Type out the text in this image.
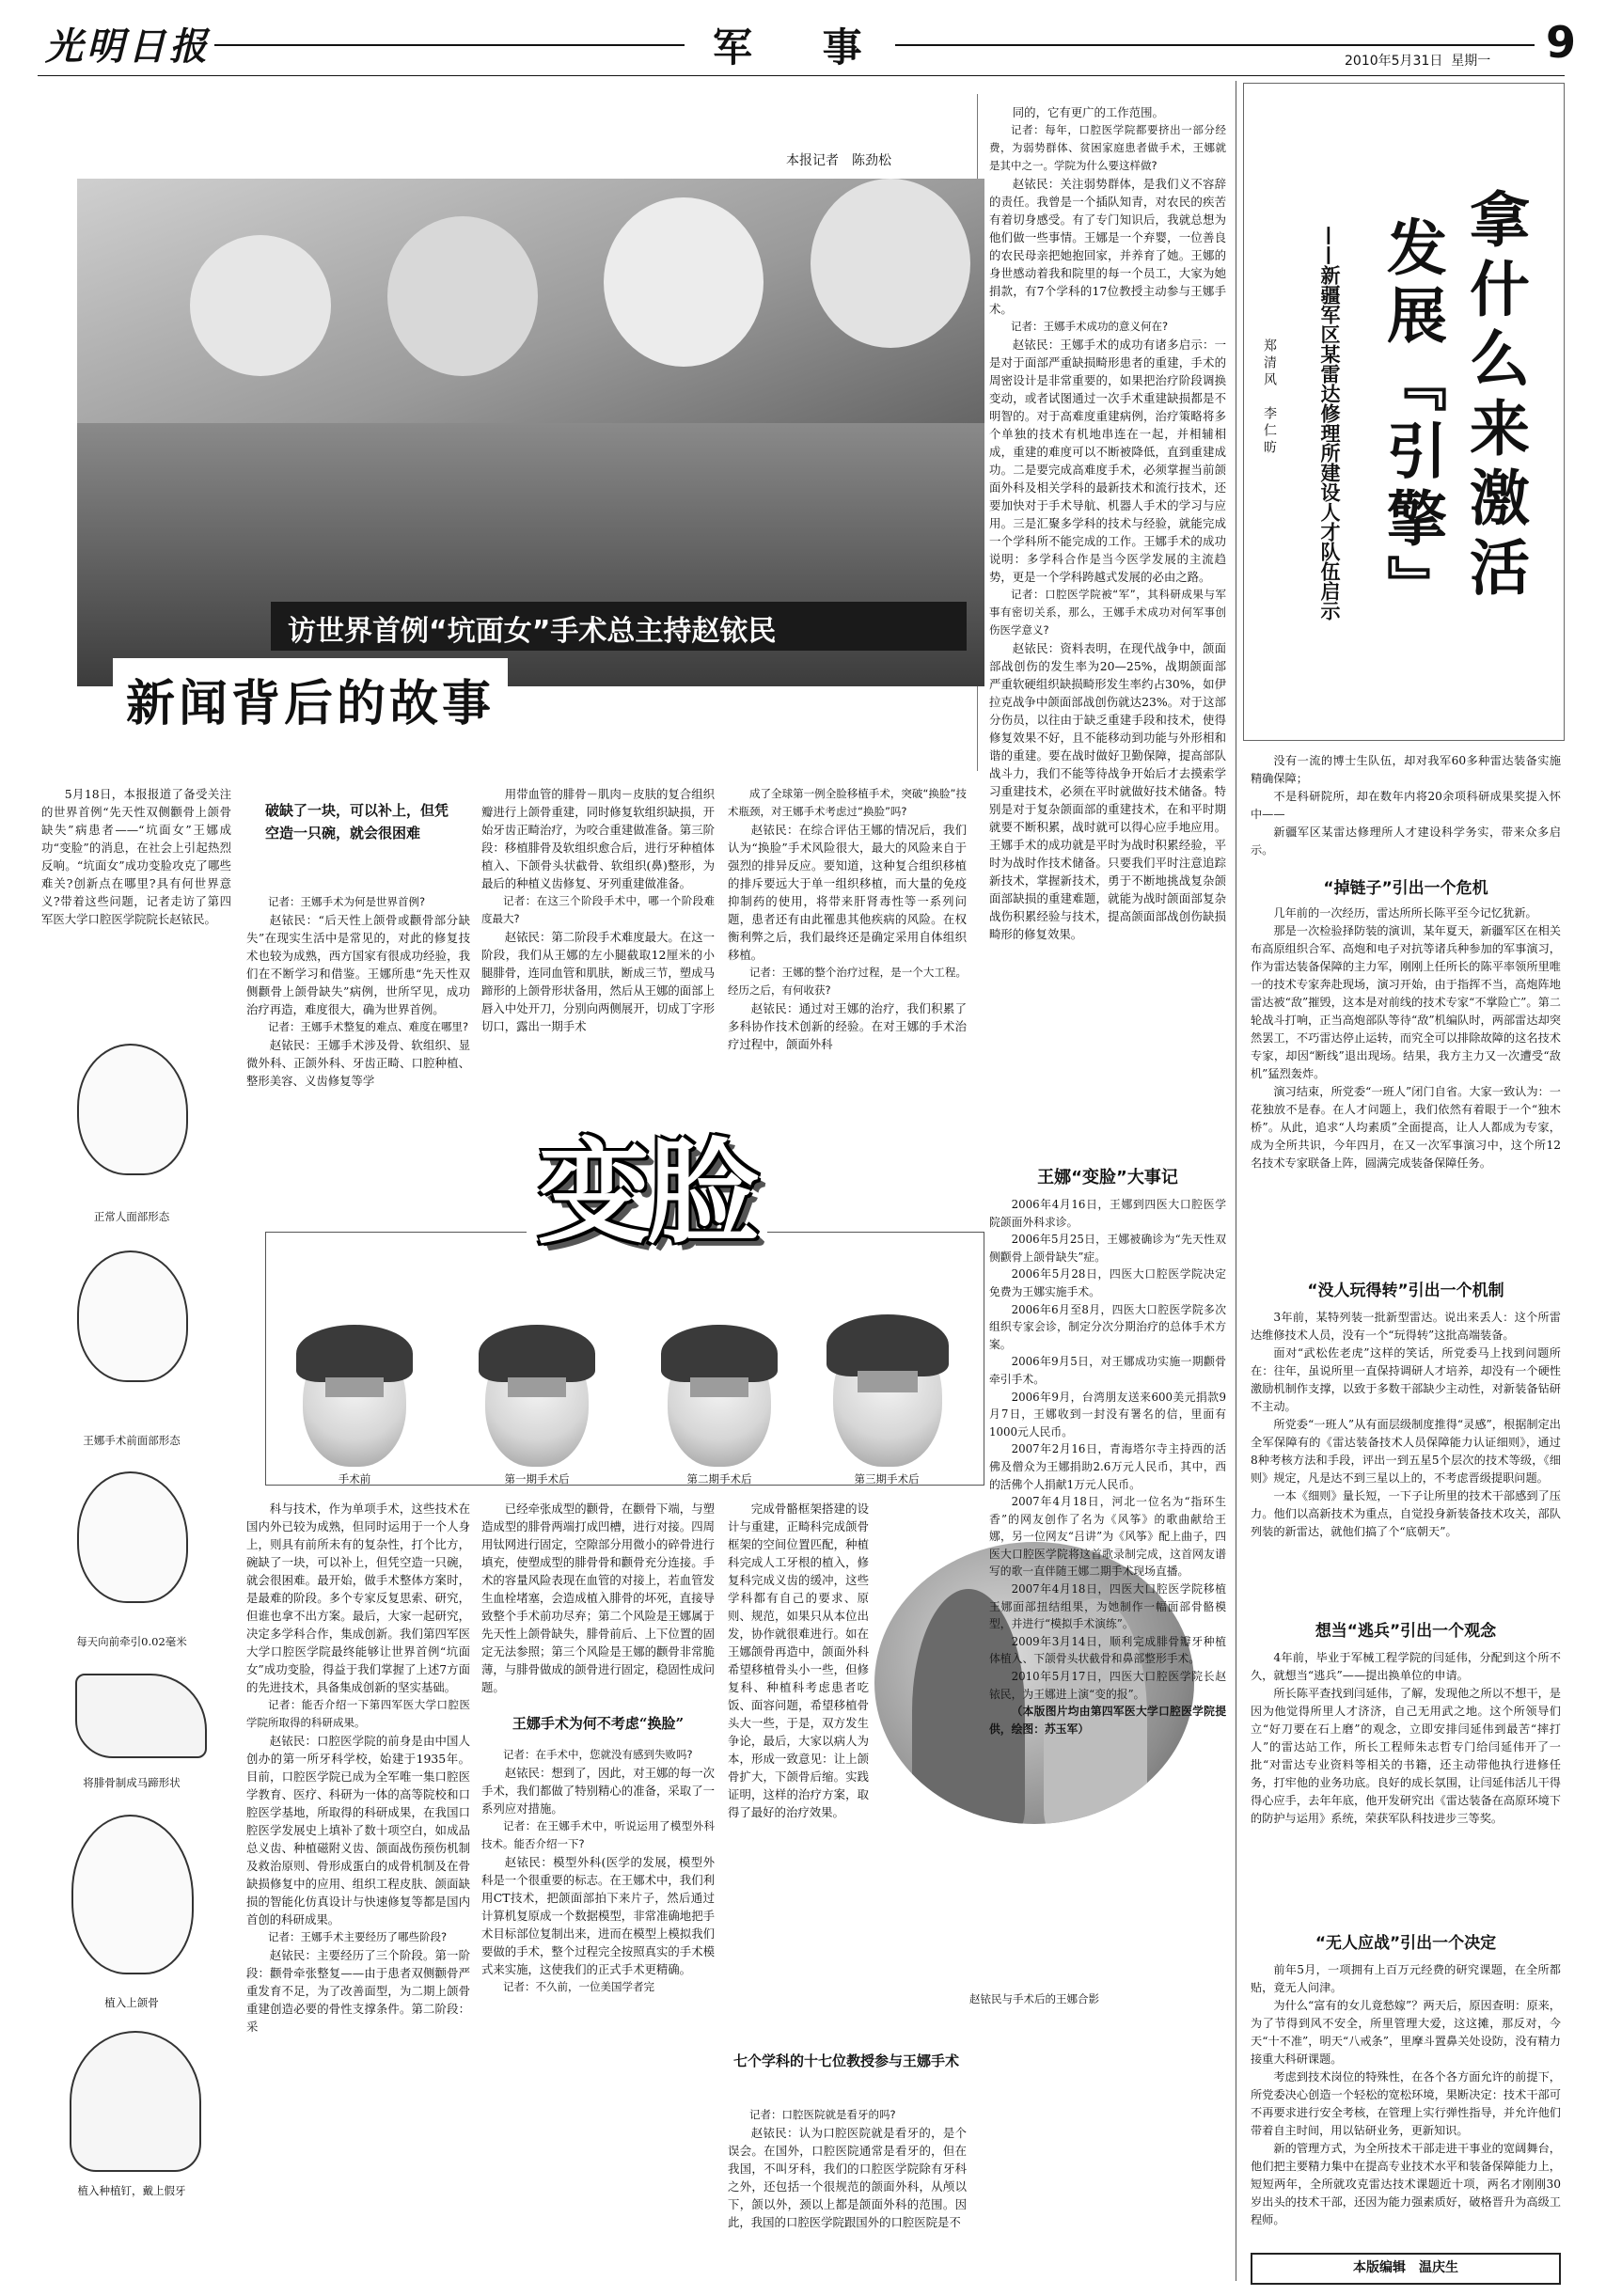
光明日报	军 事	2010年5月31日 星期一 9
本报记者　陈劲松
访世界首例“坑面女”手术总主持赵铱民
新闻背后的故事

5月18日，本报报道了备受关注的世界首例“先天性双侧颧骨上颌骨缺失”病患者——“坑面女”王娜成功“变脸”的消息，在社会上引起热烈反响。“坑面女”成功变脸攻克了哪些难关?创新点在哪里?具有何世界意义?带着这些问题，记者走访了第四军医大学口腔医学院院长赵铱民。

正常人面部形态
王娜手术前面部形态
每天向前牵引0.02毫米
将腓骨制成马蹄形状
植入上颌骨
植入种植钉，戴上假牙
破缺了一块，可以补上，但凭空造一只碗，就会很困难

记者：王娜手术为何是世界首例?

赵铱民：“后天性上颌骨或颧骨部分缺失”在现实生活中是常见的，对此的修复技术也较为成熟，西方国家有很成功经验，我们在不断学习和借鉴。王娜所患“先天性双侧颧骨上颌骨缺失”病例，世所罕见，成功治疗再造，难度很大，确为世界首例。

记者：王娜手术整复的难点、难度在哪里?

赵铱民：王娜手术涉及骨、软组织、显微外科、正颌外科、牙齿正畸、口腔种植、整形美容、义齿修复等学

用带血管的腓骨－肌肉－皮肤的复合组织瓣进行上颌骨重建，同时修复软组织缺损，开始牙齿正畸治疗，为咬合重建做准备。第三阶段：移植腓骨及软组织愈合后，进行牙种植体植入、下颌骨头状截骨、软组织(鼻)整形，为最后的种植义齿修复、牙列重建做准备。

记者：在这三个阶段手术中，哪一个阶段难度最大?

赵铱民：第二阶段手术难度最大。在这一阶段，我们从王娜的左小腿截取12厘米的小腿腓骨，连同血管和肌肤，断成三节，塑成马蹄形的上颌骨形状备用，然后从王娜的面部上唇入中处开刀，分别向两侧展开，切成丁字形切口，露出一期手术

成了全球第一例全脸移植手术，突破“换脸”技术瓶颈，对王娜手术考虑过“换脸”吗?

赵铱民：在综合评估王娜的情况后，我们认为“换脸”手术风险很大，最大的风险来自于强烈的排异反应。要知道，这种复合组织移植的排斥要远大于单一组织移植，而大量的免疫抑制药的使用，将带来肝肾毒性等一系列问题，患者还有由此罹患其他疾病的风险。在权衡利弊之后，我们最终还是确定采用自体组织移植。

记者：王娜的整个治疗过程，是一个大工程。经历之后，有何收获?

赵铱民：通过对王娜的治疗，我们积累了多科协作技术创新的经验。在对王娜的手术治疗过程中，颌面外科

变脸
手术前	第一期手术后	第二期手术后	第三期手术后

科与技术，作为单项手术，这些技术在国内外已较为成熟，但同时运用于一个人身上，则具有前所未有的复杂性，打个比方，碗缺了一块，可以补上，但凭空造一只碗，就会很困难。最开始，做手术整体方案时，是最难的阶段。多个专家反复思索、研究，但谁也拿不出方案。最后，大家一起研究，决定多学科合作，集成创新。我们第四军医大学口腔医学院最终能够让世界首例“坑面女”成功变脸，得益于我们掌握了上述7方面的先进技术，具备集成创新的坚实基础。

记者：能否介绍一下第四军医大学口腔医学院所取得的科研成果。

赵铱民：口腔医学院的前身是由中国人创办的第一所牙科学校，始建于1935年。目前，口腔医学院已成为全军唯一集口腔医学教育、医疗、科研为一体的高等院校和口腔医学基地，所取得的科研成果，在我国口腔医学发展史上填补了数十项空白，如成品总义齿、种植磁附义齿、颌面战伤预伤机制及救治原则、骨形成蛋白的成骨机制及在骨缺损修复中的应用、组织工程皮肤、颌面缺损的智能化仿真设计与快速修复等都是国内首创的科研成果。

记者：王娜手术主要经历了哪些阶段?

赵铱民：主要经历了三个阶段。第一阶段：颧骨牵张整复——由于患者双侧颧骨严重发育不足，为了改善面型，为二期上颌骨重建创造必要的骨性支撑条件。第二阶段：采

已经牵张成型的颧骨，在颧骨下端，与塑造成型的腓骨两端打成凹槽，进行对接。四周用钛网进行固定，空隙部分用微小的碎骨进行填充，使塑成型的腓骨骨和颧骨充分连接。手术的容量风险表现在血管的对接上，若血管发生血栓堵塞，会造成植入腓骨的坏死，直接导致整个手术前功尽弃；第二个风险是王娜属于先天性上颌骨缺失，腓骨前后、上下位置的固定无法参照；第三个风险是王娜的颧骨非常脆薄，与腓骨做成的颌骨进行固定，稳固性成问题。

王娜手术为何不考虑“换脸”

记者：在手术中，您就没有感到失败吗?

赵铱民：想到了，因此，对王娜的每一次手术，我们都做了特别精心的准备，采取了一系列应对措施。

记者：在王娜手术中，听说运用了模型外科技术。能否介绍一下?

赵铱民：模型外科(医学的发展，模型外科是一个很重要的标志。在王娜术中，我们利用CT技术，把颌面部拍下来片子，然后通过计算机复原成一个数据模型，非常准确地把手术目标部位复制出来，进而在模型上模拟我们要做的手术，整个过程完全按照真实的手术模式来实施，这使我们的正式手术更精确。

记者：不久前，一位美国学者完

完成骨骼框架搭建的设计与重建，正畸科完成颌骨框架的空间位置匹配，种植科完成人工牙根的植入，修复科完成义齿的缓冲，这些学科都有自己的要求、原则、规范，如果只从本位出发，协作就很难进行。如在王娜颌骨再造中，颌面外科希望移植骨头小一些，但修复科、种植科考虑患者吃饭、面容问题，希望移植骨头大一些，于是，双方发生争论，最后，大家以病人为本，形成一致意见：让上颌骨扩大，下颌骨后缩。实践证明，这样的治疗方案，取得了最好的治疗效果。

七个学科的十七位教授参与王娜手术

记者：口腔医院就是看牙的吗?

赵铱民：认为口腔医院就是看牙的，是个误会。在国外，口腔医院通常是看牙的，但在我国，不叫牙科，我们的口腔医学院除有牙科之外，还包括一个很规范的颌面外科，从颅以下，颌以外，颈以上都是颌面外科的范围。因此，我国的口腔医学院跟国外的口腔医院是不

赵铱民与手术后的王娜合影

同的，它有更广的工作范围。

记者：每年，口腔医学院都要挤出一部分经费，为弱势群体、贫困家庭患者做手术，王娜就是其中之一。学院为什么要这样做?

赵铱民：关注弱势群体，是我们义不容辞的责任。我曾是一个插队知青，对农民的疾苦有着切身感受。有了专门知识后，我就总想为他们做一些事情。王娜是一个弃婴，一位善良的农民母亲把她抱回家，并养育了她。王娜的身世感动着我和院里的每一个员工，大家为她捐款，有7个学科的17位教授主动参与王娜手术。

记者：王娜手术成功的意义何在?

赵铱民：王娜手术的成功有诸多启示：一是对于面部严重缺损畸形患者的重建，手术的周密设计是非常重要的，如果把治疗阶段调换变动，或者试图通过一次手术重建缺损都是不明智的。对于高难度重建病例，治疗策略将多个单独的技术有机地串连在一起，并相辅相成，重建的难度可以不断被降低，直到重建成功。二是要完成高难度手术，必须掌握当前颌面外科及相关学科的最新技术和流行技术，还要加快对于手术导航、机器人手术的学习与应用。三是汇聚多学科的技术与经验，就能完成一个学科所不能完成的工作。王娜手术的成功说明：多学科合作是当今医学发展的主流趋势，更是一个学科跨越式发展的必由之路。

记者：口腔医学院被“军”，其科研成果与军事有密切关系，那么，王娜手术成功对何军事创伤医学意义?

赵铱民：资料表明，在现代战争中，颌面部战创伤的发生率为20—25%，战期颌面部严重软硬组织缺损畸形发生率约占30%，如伊拉克战争中颌面部战创伤就达23%。对于这部分伤员，以往由于缺乏重建手段和技术，使得修复效果不好，且不能移动到功能与外形相和谐的重建。要在战时做好卫勤保障，提高部队战斗力，我们不能等待战争开始后才去摸索学习重建技术，必须在平时就做好技术储备。特别是对于复杂颌面部的重建技术，在和平时期就要不断积累，战时就可以得心应手地应用。王娜手术的成功就是平时为战时积累经验，平时为战时作技术储备。只要我们平时注意追踪新技术，掌握新技术，勇于不断地挑战复杂颌面部缺损的重建难题，就能为战时颌面部复杂战伤积累经验与技术，提高颌面部战创伤缺损畸形的修复效果。

王娜“变脸”大事记

2006年4月16日，王娜到四医大口腔医学院颌面外科求诊。

2006年5月25日，王娜被确诊为“先天性双侧颧骨上颌骨缺失”症。

2006年5月28日，四医大口腔医学院决定免费为王娜实施手术。

2006年6月至8月，四医大口腔医学院多次组织专家会诊，制定分次分期治疗的总体手术方案。

2006年9月5日，对王娜成功实施一期颧骨牵引手术。

2006年9月，台湾朋友送来600美元捐款9月7日，王娜收到一封没有署名的信，里面有1000元人民币。

2007年2月16日，青海塔尔寺主持西的活佛及僧众为王娜捐助2.6万元人民币，其中，西的活佛个人捐献1万元人民币。

2007年4月18日，河北一位名为“指环生香”的网友创作了名为《风筝》的歌曲献给王娜，另一位网友“吕讲”为《风筝》配上曲子，四医大口腔医学院将这首歌录制完成，这首网友谱写的歌一直伴随王娜二期手术现场直播。

2007年4月18日，四医大口腔医学院移植王娜面部扭结组果，为她制作一幅面部骨骼模型，并进行“模拟手术演练”。

2009年3月14日，顺利完成腓骨瓣牙种植体植入、下颌骨头状截骨和鼻部整形手术。

2010年5月17日，四医大口腔医学院长赵铱民，为王娜进上演“变的报”。

（本版图片均由第四军医大学口腔医学院提供，绘图：苏玉军）

拿什么来激活
发展『引擎』
——新疆军区某雷达修理所建设人才队伍启示
郑清风　李仁昉

没有一流的博士生队伍，却对我军60多种雷达装备实施精确保障；

不是科研院所，却在数年内将20余项科研成果奖提入怀中——

新疆军区某雷达修理所人才建设科学务实，带来众多启示。

“掉链子”引出一个危机

几年前的一次经历，雷达所所长陈平至今记忆犹新。

那是一次检验择防装的演训，某年夏天，新疆军区在相关布高原组织合军、高炮和电子对抗等诸兵种参加的军事演习，作为雷达装备保障的主力军，刚刚上任所长的陈平率领所里唯一的技术专家奔赴现场，演习开始，由于指挥不当，高炮阵地雷达被“敌”摧毁，这本是对前线的技术专家“不掌险亡”。第二轮战斗打响，正当高炮部队等待“敌”机编队时，两部雷达却突然罢工，不巧雷达停止运转，而究全可以排除故障的这名技术专家，却因“断线”退出现场。结果，我方主力又一次遭受“敌机”猛烈轰炸。

演习结束，所党委“一班人”闭门自省。大家一致认为：一花独放不是春。在人才问题上，我们依然有着眼于一个“独木桥”。从此，追求“人均素质”全面提高，让人人都成为专家，成为全所共识，今年四月，在又一次军事演习中，这个所12名技术专家联备上阵，圆满完成装备保障任务。

“没人玩得转”引出一个机制

3年前，某特列装一批新型雷达。说出来丢人：这个所雷达维修技术人员，没有一个“玩得转”这批高端装备。

面对“武松佐老虎”这样的笑话，所党委马上找到问题所在：往年，虽说所里一直保持调研人才培养，却没有一个硬性激励机制作支撑，以致于多数干部缺少主动性，对新装备钻研不主动。

所党委“一班人”从有面层级制度推得“灵感”，根据制定出全军保障有的《雷达装备技术人员保障能力认证细则》，通过8种考核方法和手段，评出一到五星5个层次的技术等级，《细则》规定，凡是达不到三星以上的，不考虑晋级提职问题。

一本《细则》量长短，一下子让所里的技术干部感到了压力。他们以高新技术为重点，自觉投身新装备技术攻关，部队列装的新雷达，就他们搞了个“底朝天”。

想当“逃兵”引出一个观念

4年前，毕业于军械工程学院的闫延伟，分配到这个所不久，就想当“逃兵”——提出换单位的申请。

所长陈平查找到闫延伟，了解，发现他之所以不想干，是因为他觉得所里人才济济，自己无用武之地。这个所领导们立“好刀要在石上磨”的观念，立即安排闫延伟到最苦“摔打人”的雷达站工作，所长工程师朱志哲专门给闫延伟开了一批“对雷达专业资料等相关的书籍，还主动带他执行进修任务，打牢他的业务功底。良好的成长氛围，让闫延伟活儿干得得心应手，去年年底，他开发研究出《雷达装备在高原环境下的防护与运用》系统，荣获军队科技进步三等奖。

“无人应战”引出一个决定

前年5月，一项拥有上百万元经费的研究课题，在全所都贴，竟无人问津。

为什么“富有的女儿竟愁嫁”？两天后，原因查明：原来，为了节得到风不安全，所里管理大爱，这这摊，那反对，今天“十不准”，明天“八戒条”，里摩斗置鼻关处设防，没有精力接重大科研课题。

考虑到技术岗位的特殊性，在各个各方面允许的前提下，所党委决心创造一个轻松的宽松环境，果断决定：技术干部可不再要求进行安全考核，在管理上实行弹性指导，并允许他们带着自主时间，用以钻研业务，更新知识。

新的管理方式，为全所技术干部走进干事业的宽阔舞台，他们把主要精力集中在提高专业技术水平和装备保障能力上，短短两年，全所就攻克雷达技术课题近十项，两名才刚刚30岁出头的技术干部，还因为能力强素质好，破格晋升为高级工程师。

本版编辑　温庆生
